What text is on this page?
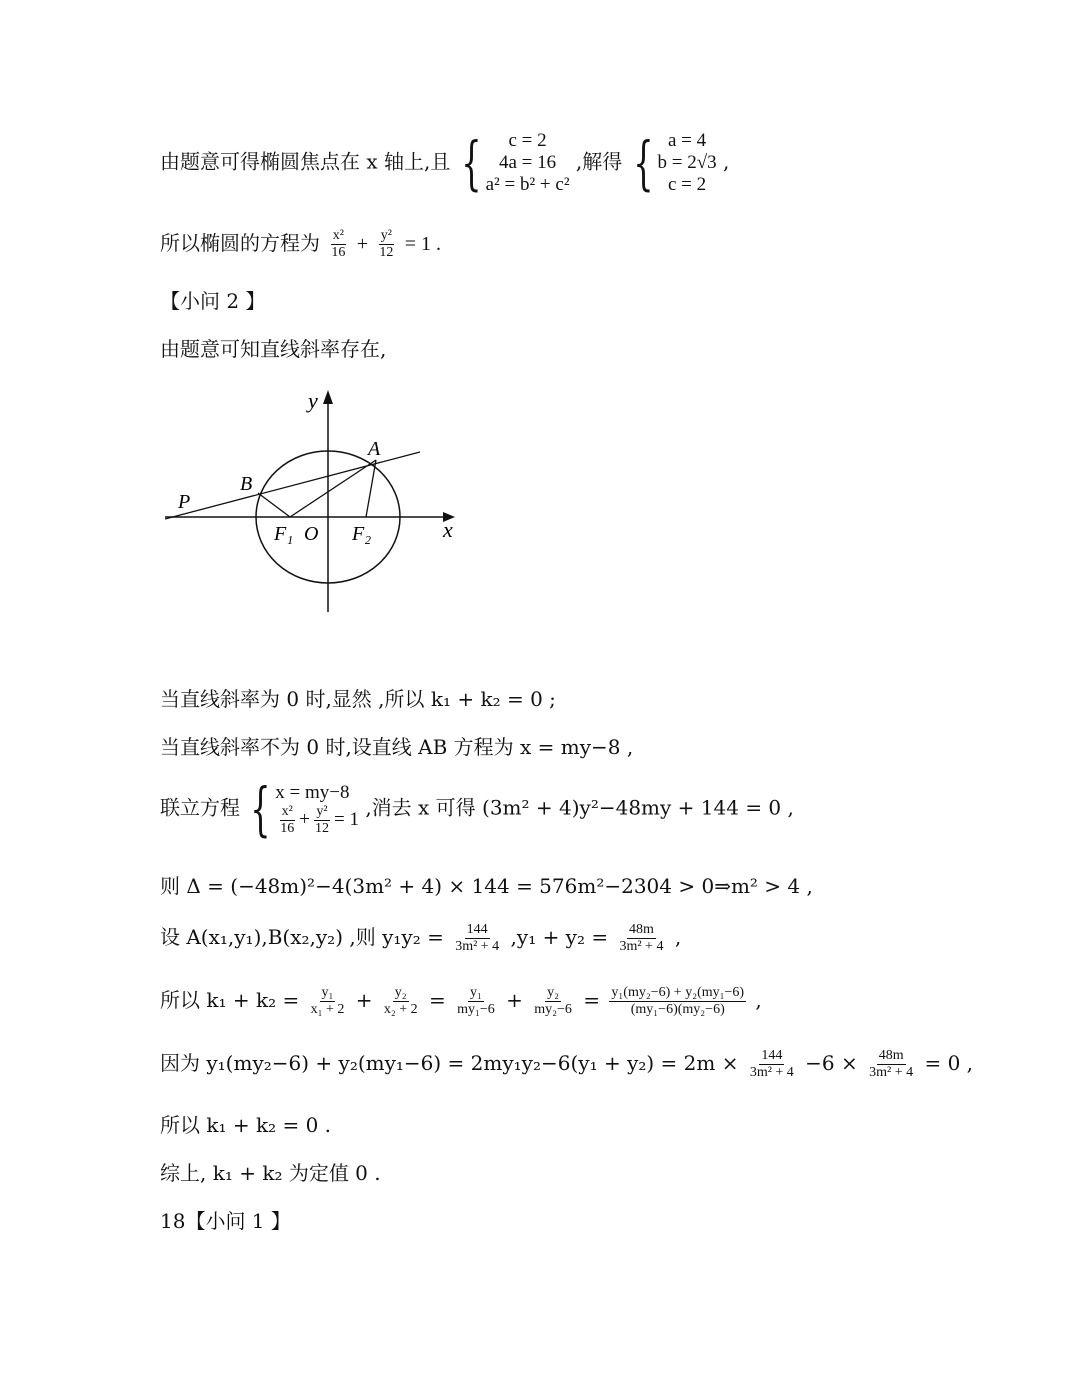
由题意可得椭圆焦点在 x 轴上,且 { c = 2
4a = 16
a² = b² + c²
,解得 { a = 4
b = 2√3
c = 2
,
所以椭圆的方程为 $\frac{\text{x²}}{16} + \frac{\text{y²}}{12} = 1$ .
【小问 2 】
由题意可知直线斜率存在,
y
x
A
B
P
F₁ O F₂
当直线斜率为 0 时,显然 ,所以 k₁ + k₂ = 0 ;
当直线斜率不为 0 时,设直线 AB 方程为 x = my−8 ,
联立方程 { x = my−8
$\frac{\text{x²}}{16} + \frac{\text{y²}}{12} = 1$ ,消去 x 可得 (3m² + 4)y²−48my + 144 = 0 ,
则 Δ = (−48m)²−4(3m² + 4) × 144 = 576m²−2304 > 0⇒m² > 4 ,
设 A(x₁,y₁),B(x₂,y₂) ,则 $y_1y_2 = \frac{144}{\text{3m² + 4}} ,y_1 + y_2 = \frac{48m}{\text{3m² + 4}}$ ,
所以 $k_1 + k_2 = \frac{\text{y₁}}{\text{x₁ + 2}} + \frac{\text{y₂}}{\text{x₂ + 2}} = \frac{\text{y₁}}{\text{my₁−6}} + \frac{\text{y₂}}{\text{my₂−6}} = \frac{\text{y₁(my₂−6) + y₂(my₁−6)}}{\text{(my₁−6)(my₂−6)}}$ ,
因为 $y_1(my_2-6) + y_2(my_1-6) = 2my_1y_2-6(y_1 + y_2) = 2m \times \frac{144}{\text{3m² + 4}} -6 \times \frac{48m}{\text{3m² + 4}} = 0$ ,
所以 k₁ + k₂ = 0 .
综上, k₁ + k₂ 为定值 0 .
18【小问 1 】
